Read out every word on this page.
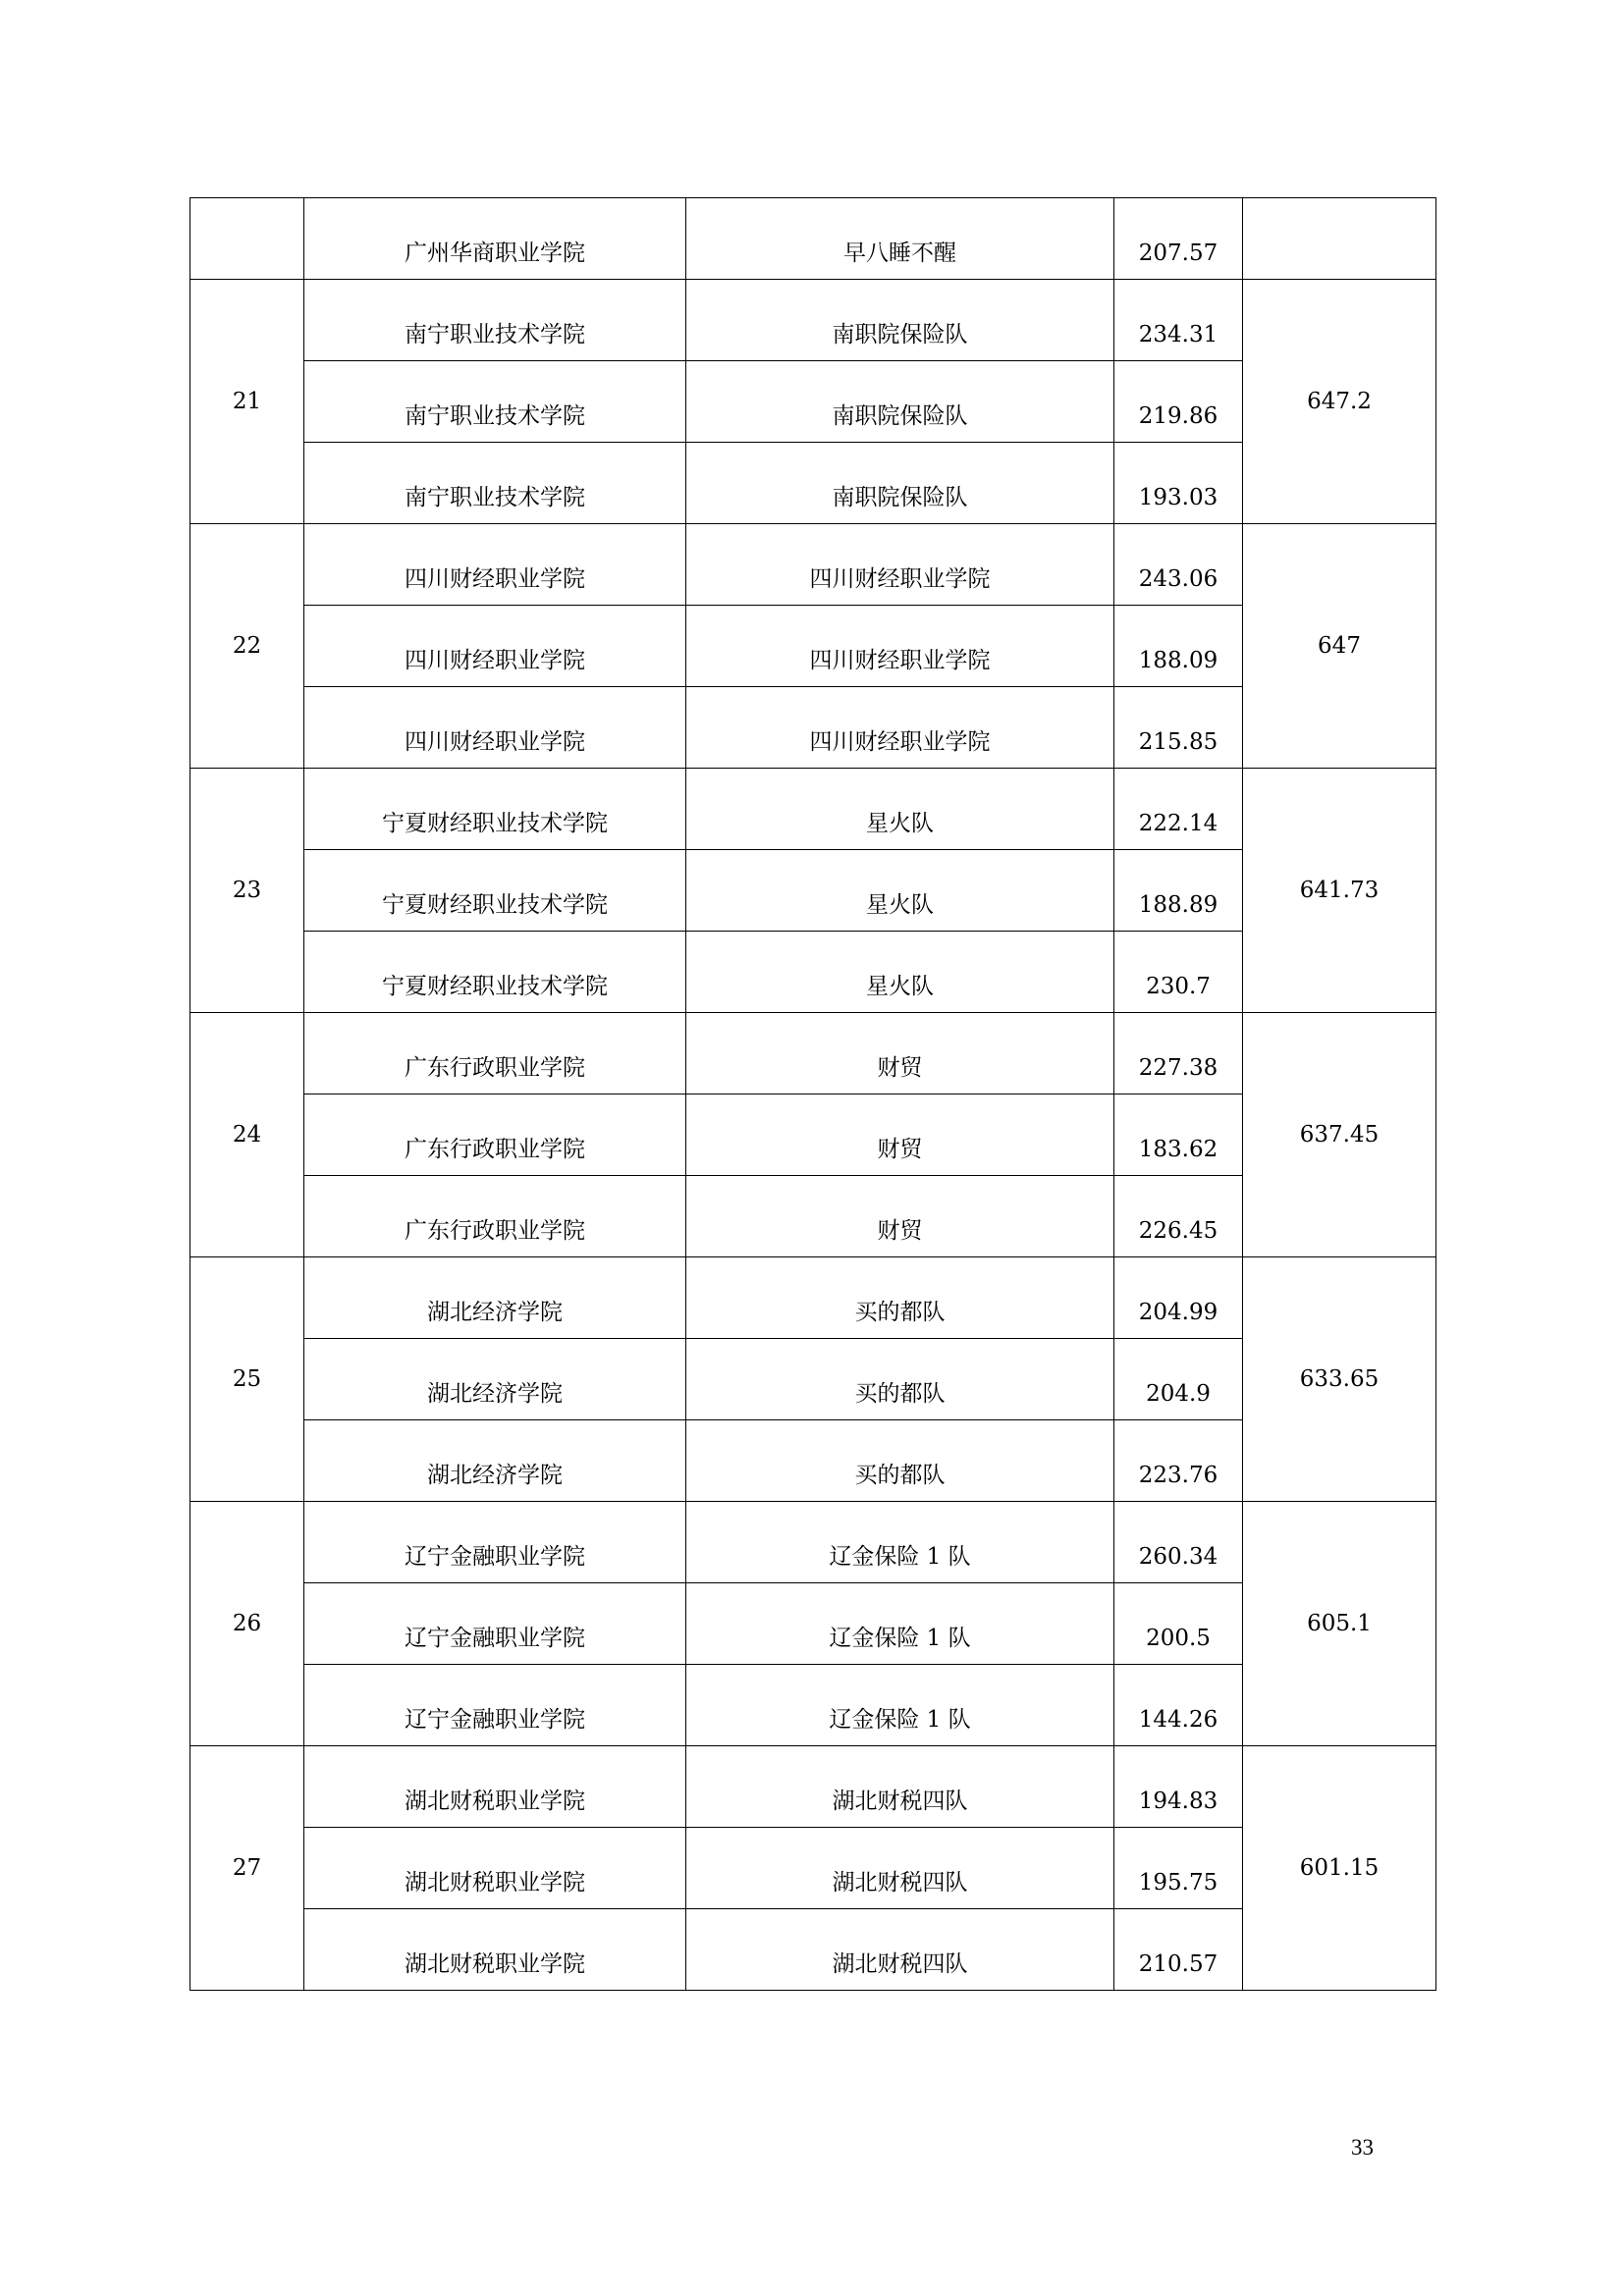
	广州华商职业学院	早八睡不醒	207.57	
21	南宁职业技术学院	南职院保险队	234.31	647.2
	南宁职业技术学院	南职院保险队	219.86	
	南宁职业技术学院	南职院保险队	193.03	
22	四川财经职业学院	四川财经职业学院	243.06	647
	四川财经职业学院	四川财经职业学院	188.09	
	四川财经职业学院	四川财经职业学院	215.85	
23	宁夏财经职业技术学院	星火队	222.14	641.73
	宁夏财经职业技术学院	星火队	188.89	
	宁夏财经职业技术学院	星火队	230.7	
24	广东行政职业学院	财贸	227.38	637.45
	广东行政职业学院	财贸	183.62	
	广东行政职业学院	财贸	226.45	
25	湖北经济学院	买的都队	204.99	633.65
	湖北经济学院	买的都队	204.9	
	湖北经济学院	买的都队	223.76	
26	辽宁金融职业学院	辽金保险 1 队	260.34	605.1
	辽宁金融职业学院	辽金保险 1 队	200.5	
	辽宁金融职业学院	辽金保险 1 队	144.26	
27	湖北财税职业学院	湖北财税四队	194.83	601.15
	湖北财税职业学院	湖北财税四队	195.75	
	湖北财税职业学院	湖北财税四队	210.57	
33
